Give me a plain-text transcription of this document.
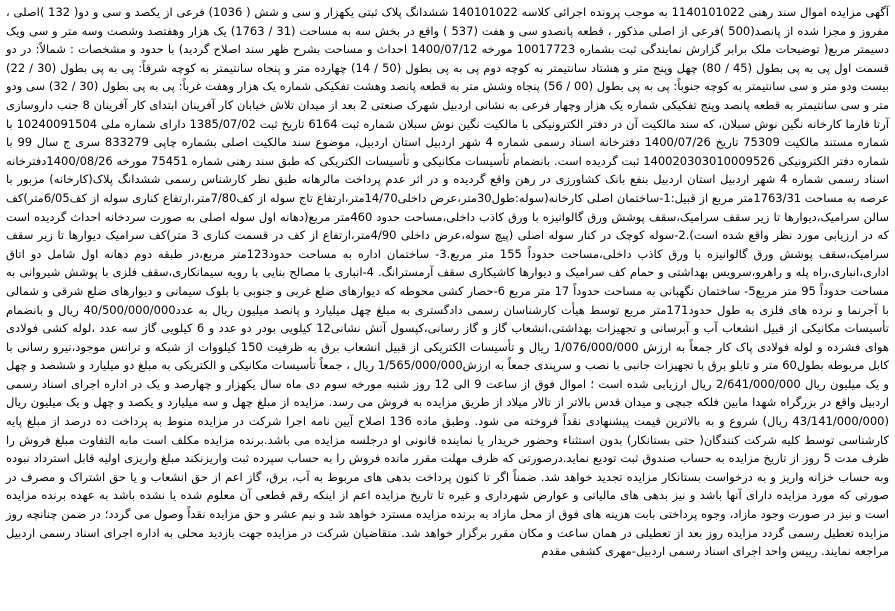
آگهی مزایده اموال سند رهنی 1140101022 به موجب پرونده اجرائی کلاسه 140101022 ششدانگ پلاک ثبتی یکهزار و سی و شش ( 1036) فرعی از یکصد و سی و دو( 132 )اصلی ، مفروز و مجزا شده از پانصد(500 )فرعی از اصلی مذکور ، قطعه پانصدو سی و هفت (537 ) واقع در بخش سه به مساحت (31 / 1763) یک هزار وهفتصد وشصت وسه متر و سی ویک دسیمتر مربع( توضیحات ملک برابر گزارش نمایندگی ثبت بشماره 10017723 مورخه 1400/07/12 احداث و مساحت بشرح ظهر سند اصلاح گردید) با حدود و مشخصات : شمالاً: در دو قسمت اول پی به پی بطول (45 / 80) چهل وپنج متر و هشتاد سانتیمتر به کوچه دوم پی به پی بطول (50 / 14) چهارده متر و پنجاه سانتیمتر به کوچه شرقاً: پی به پی بطول (30 / 22) بیست ودو متر و سی سانتیمتر به کوچه جنوباً: پی به پی بطول (00 / 56) پنجاه وشش متر به قطعه پانصد وهشت تفکیکی شماره یک هزار وهفت غرباً: پی به پی بطول (30 / 32) سی ودو متر و سی سانتیمتر به قطعه پانصد وپنج تفکیکی شماره یک هزار وچهار فرعی به نشانی اردبیل شهرک صنعتی 2 بعد از میدان تلاش خیابان کار آفرینان ابتدای کار آفرینان 8 جنب داروسازی آرتا فارما کارخانه نگین نوش سبلان، که سند مالکیت آن در دفتر الکترونیکی با مالکیت نگین نوش سبلان شماره ثبت 6164 تاریخ ثبت 1385/07/02 دارای شماره ملی 10240091504 با شماره مستند مالکیت 75309 تاریخ 1400/07/26 دفترخانه اسناد رسمی شماره 4 شهر اردبیل استان اردبیل، موضوع سند مالکیت اصلی بشماره چاپی 833279 سری ج سال 99 با شماره دفتر الکترونیکی 140020303010009526 ثبت گردیده است. بانضمام تأسیسات مکانیکی و تأسیسات الکتریکی که طبق سند رهنی شماره 75451 مورخه 1400/08/26دفترخانه اسناد رسمی شماره 4 شهر اردبیل استان اردبیل بنفع بانک کشاورزی در رهن واقع گردیده و در اثر عدم پرداخت مالرهانه طبق نظر کارشناس رسمی ششدانگ پلاک(کارخانه) مزبور با عرصه به مساحت 1763/31متر مربع از قبیل:1-ساختمان اصلی کارخانه(سوله:طول30متر،عرض داخلی14/70متر،ارتفاع تاج سوله از کف7/80متر،ارتفاع کناری سوله از کف6/05متر)کف سالن سرامیک،دیوارها تا زیر سقف سرامیک،سقف پوشش ورق گالوانیزه با ورق کاذب داخلی،مساحت حدود 460متر مربع(دهانه اول سوله اصلی به صورت سردخانه احداث گردیده است که در ارزیابی مورد نظر واقع شده است).2-سوله کوچک در کنار سوله اصلی (پیچ سوله،عرض داخلی 4/90متر،ارتفاع از کف در قسمت کناری 3 متر)کف سرامیک دیوارها تا زیر سقف سرامیک،سقف پوشش ورق گالوانیزه با ورق کاذب داخلی،مساحت حدوداً 155 متر مربع.3- ساختمان اداره به مساحت حدود123متر مربع،در طبقه دوم دهانه اول شامل دو اتاق اداری،انباری،راه پله و راهرو،سرویس بهداشتی و حمام کف سرامیک و دیوارها کاشیکاری سقف آرمسترانگ. 4-انباری با مصالح بنایی با رویه سیمانکاری،سقف فلزی با پوشش شیروانی به مساحت حدوداً 95 متر مربع5- ساختمان نگهبانی به مساحت حدوداً 17 متر مربع 6-حصار کشی محوطه که دیوارهای ضلع غربی و جنوبی با بلوک سیمانی و دیوارهای ضلع شرقی و شمالی با آجرنما و نرده های فلزی به طول حدود171متر مربع توسط هیأت کارشناسان رسمی دادگستری به مبلغ چهل میلیارد و پانصد میلیون ریال به عدد40/500/000/000 ریال و بانضمام تأسیسات مکانیکی از قبیل انشعاب آب و آبرسانی و تجهیزات بهداشتی،انشعاب گاز و گاز رسانی،کپسول آتش نشانی12 کیلویی بودر دو عدد و 6 کیلویی گاز سه عدد ،لوله کشی فولادی هوای فشرده و لوله فولادی پاک کار جمعاً به ارزش 1/076/000/000 ریال و تأسیسات الکتریکی از قبیل انشعاب برق به ظرفیت 150 کیلووات از شبکه و ترانس موجود،نیرو رسانی با کابل مربوطه بطول60 متر و تابلو برق با تجهیزات جانبی با نصب و سرپندی جمعاً به ارزش1/565/000/000 ریال ، جمعاً تأسیسات مکانیکی و الکتریکی به مبلغ دو میلیارد و ششصد و چهل و یک میلیون ریال 2/641/000/000 ریال ارزیابی شده است ؛ اموال فوق از ساعت 9 الی 12 روز شنبه مورخه سوم دی ماه سال یکهزار و چهارصد و یک در اداره اجرای اسناد رسمی اردبیل واقع در بزرگراه شهدا مابین فلکه جبچی و میدان قدس بالاتر از تالار میلاد از طریق مزایده به فروش می رسد. مزایده از مبلغ چهل و سه میلیارد و یکصد و چهل و یک میلیون ریال (43/141/000/000 ریال) شروع و به بالاترین قیمت پیشنهادی نقداً فروخته می شود. وطبق ماده 136 اصلاح آیین نامه اجرا شرکت در مزایده منوط به پرداخت ده درصد از مبلغ پایه کارشناسی توسط کلیه شرکت کنندگان( حتی بستانکار) بدون استثناء وحضور خریدار یا نماینده قانونی او درجلسه مزایده می باشد.برنده مزایده مکلف است مابه التفاوت مبلغ فروش را ظرف مدت 5 روز از تاریخ مزایده به حساب صندوق ثبت تودیع نماید.درصورتی که ظرف مهلت مقرر مانده فروش را به حساب سپرده ثبت واریزنکند مبلغ واریزی اولیه قابل استرداد نبوده وبه حساب خزانه واریز و به درخواست بستانکار مزایده تجدید خواهد شد. ضمناً اگر تا کنون پرداخت بدهی های مربوط به آب، برق، گاز اعم از حق انشعاب و یا حق اشتراک و مصرف در صورتی که مورد مزایده دارای آنها باشد و نیز بدهی های مالیاتی و عوارض شهرداری و غیره تا تاریخ مزایده اعم از اینکه رقم قطعی آن معلوم شده یا نشده باشد به عهده برنده مزایده است و نیز در صورت وجود مازاد، وجوه پرداختی بابت هزینه های فوق از محل مازاد به برنده مزایده مسترد خواهد شد و نیم عشر و حق مزایده نقداً وصول می گردد؛ در ضمن چنانچه روز مزایده تعطیل رسمی گردد مزایده روز بعد از تعطیلی در همان ساعت و مکان مقرر برگزار خواهد شد. متقاضیان شرکت در مزایده جهت بازدید محلی به اداره اجرای اسناد رسمی اردبیل مراجعه نمایند. رییس واحد اجرای اسناد رسمی اردبیل-مهری کشفی مقدم
